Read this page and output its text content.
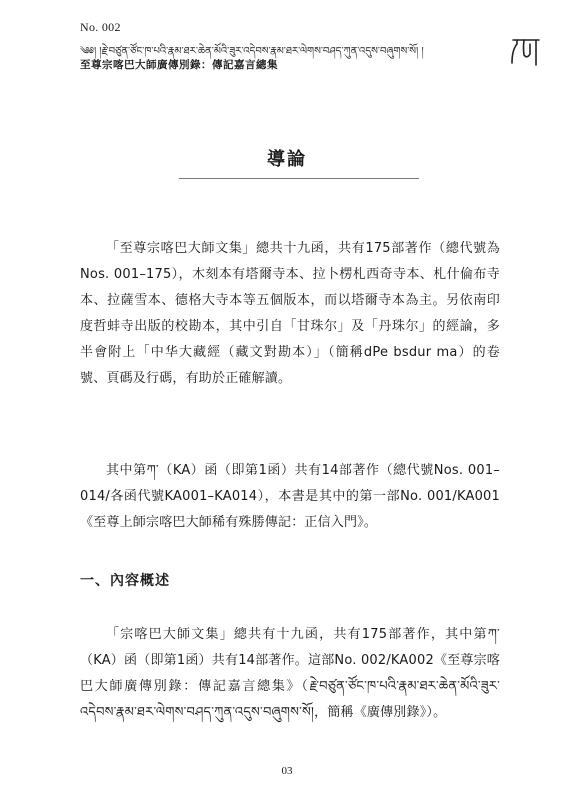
No. 002
༄༅། །རྗེ་བཙུན་ཙོང་ཁ་པའི་རྣམ་ཐར་ཆེན་མོའི་ཟུར་འདེབས་རྣམ་ཐར་ལེགས་བཤད་ཀུན་འདུས་བཞུགས་སོ། །
至尊宗喀巴大師廣傳別錄：傳記嘉言總集
導論

「至尊宗喀巴大師文集」總共十九函，共有175部著作（總代號為Nos. 001–175），木刻本有塔爾寺本、拉卜楞札西奇寺本、札什倫布寺本、拉薩雪本、德格大寺本等五個版本，而以塔爾寺本為主。另依南印度哲蚌寺出版的校勘本，其中引自「甘珠尔」及「丹珠尔」的經論，多半會附上「中华大藏經（藏文對勘本）」（簡稱dPe bsdur ma）的卷號、頁碼及行碼，有助於正確解讀。

其中第ཀ་（KA）函（即第1函）共有14部著作（總代號Nos. 001–014/各函代號KA001–KA014），本書是其中的第一部No. 001/KA001《至尊上師宗喀巴大師稀有殊勝傳記：正信入門》。

一、內容概述

「宗喀巴大師文集」總共有十九函，共有175部著作，其中第ཀ་（KA）函（即第1函）共有14部著作。這部No. 002/KA002《至尊宗喀巴大師廣傳別錄：傳記嘉言總集》（རྗེ་བཙུན་ཙོང་ཁ་པའི་རྣམ་ཐར་ཆེན་མོའི་ཟུར་འདེབས་རྣམ་ཐར་ལེགས་བཤད་ཀུན་འདུས་བཞུགས་སོ།，簡稱《廣傳別錄》）。

03
